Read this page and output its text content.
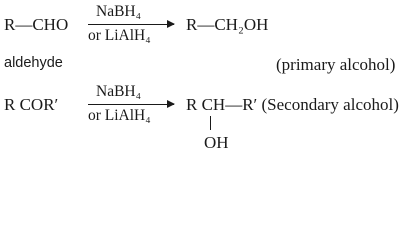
R—CHO
NaBH₄
or LiAlH₄
R—CH₂OH
aldehyde	(primary alcohol)
R COR′
NaBH₄
or LiAlH₄
R CH—R′ (Secondary alcohol)
OH
